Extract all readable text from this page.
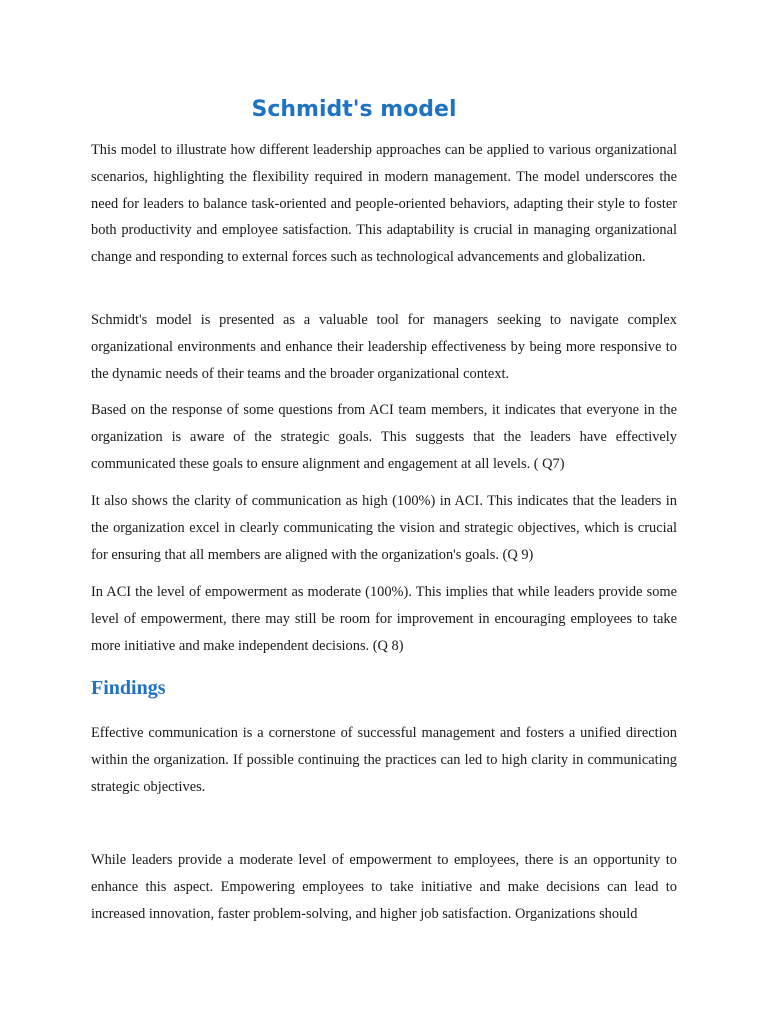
Schmidt's model

This model to illustrate how different leadership approaches can be applied to various organizational scenarios, highlighting the flexibility required in modern management. The model underscores the need for leaders to balance task-oriented and people-oriented behaviors, adapting their style to foster both productivity and employee satisfaction. This adaptability is crucial in managing organizational change and responding to external forces such as technological advancements and globalization.

Schmidt's model is presented as a valuable tool for managers seeking to navigate complex organizational environments and enhance their leadership effectiveness by being more responsive to the dynamic needs of their teams and the broader organizational context.

Based on the response of some questions from ACI team members, it indicates that everyone in the organization is aware of the strategic goals. This suggests that the leaders have effectively communicated these goals to ensure alignment and engagement at all levels. ( Q7)

It also shows the clarity of communication as high (100%) in ACI. This indicates that the leaders in the organization excel in clearly communicating the vision and strategic objectives, which is crucial for ensuring that all members are aligned with the organization's goals. (Q 9)

In ACI the level of empowerment as moderate (100%). This implies that while leaders provide some level of empowerment, there may still be room for improvement in encouraging employees to take more initiative and make independent decisions. (Q 8)

Findings

Effective communication is a cornerstone of successful management and fosters a unified direction within the organization. If possible continuing the practices can led to high clarity in communicating strategic objectives.

While leaders provide a moderate level of empowerment to employees, there is an opportunity to enhance this aspect. Empowering employees to take initiative and make decisions can lead to increased innovation, faster problem-solving, and higher job satisfaction. Organizations should
